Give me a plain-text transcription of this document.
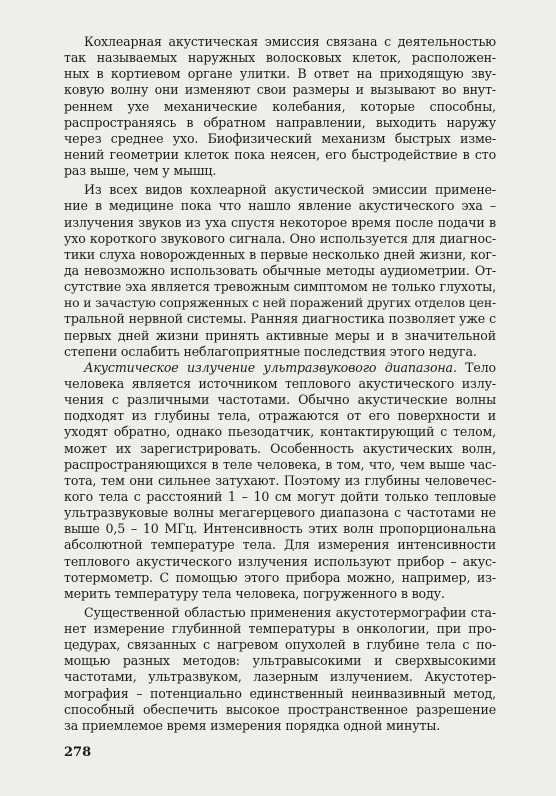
Кохлеарная акустическая эмиссия связана с деятельностью
так называемых наружных волосковых клеток, расположен-
ных в кортиевом органе улитки. В ответ на приходящую зву-
ковую волну они изменяют свои размеры и вызывают во внут-
реннем ухе механические колебания, которые способны,
распространяясь в обратном направлении, выходить наружу
через среднее ухо. Биофизический механизм быстрых изме-
нений геометрии клеток пока неясен, его быстродействие в сто
раз выше, чем у мышц.
Из всех видов кохлеарной акустической эмиссии примене-
ние в медицине пока что нашло явление акустического эха –
излучения звуков из уха спустя некоторое время после подачи в
ухо короткого звукового сигнала. Оно используется для диагнос-
тики слуха новорожденных в первые несколько дней жизни, ког-
да невозможно использовать обычные методы аудиометрии. От-
сутствие эха является тревожным симптомом не только глухоты,
но и зачастую сопряженных с ней поражений других отделов цен-
тральной нервной системы. Ранняя диагностика позволяет уже с
первых дней жизни принять активные меры и в значительной
степени ослабить неблагоприятные последствия этого недуга.
Акустическое излучение ультразвукового диапазона. Тело
человека является источником теплового акустического излу-
чения с различными частотами. Обычно акустические волны
подходят из глубины тела, отражаются от его поверхности и
уходят обратно, однако пьезодатчик, контактирующий с телом,
может их зарегистрировать. Особенность акустических волн,
распространяющихся в теле человека, в том, что, чем выше час-
тота, тем они сильнее затухают. Поэтому из глубины человечес-
кого тела с расстояний 1 – 10 см могут дойти только тепловые
ультразвуковые волны мегагерцевого диапазона с частотами не
выше 0,5 – 10 МГц. Интенсивность этих волн пропорциональна
абсолютной температуре тела. Для измерения интенсивности
теплового акустического излучения используют прибор – акус-
тотермометр. С помощью этого прибора можно, например, из-
мерить температуру тела человека, погруженного в воду.
Существенной областью применения акустотермографии ста-
нет измерение глубинной температуры в онкологии, при про-
цедурах, связанных с нагревом опухолей в глубине тела с по-
мощью разных методов: ультравысокими и сверхвысокими
частотами, ультразвуком, лазерным излучением. Акустотер-
мография – потенциально единственный неинвазивный метод,
способный обеспечить высокое пространственное разрешение
за приемлемое время измерения порядка одной минуты.
278
